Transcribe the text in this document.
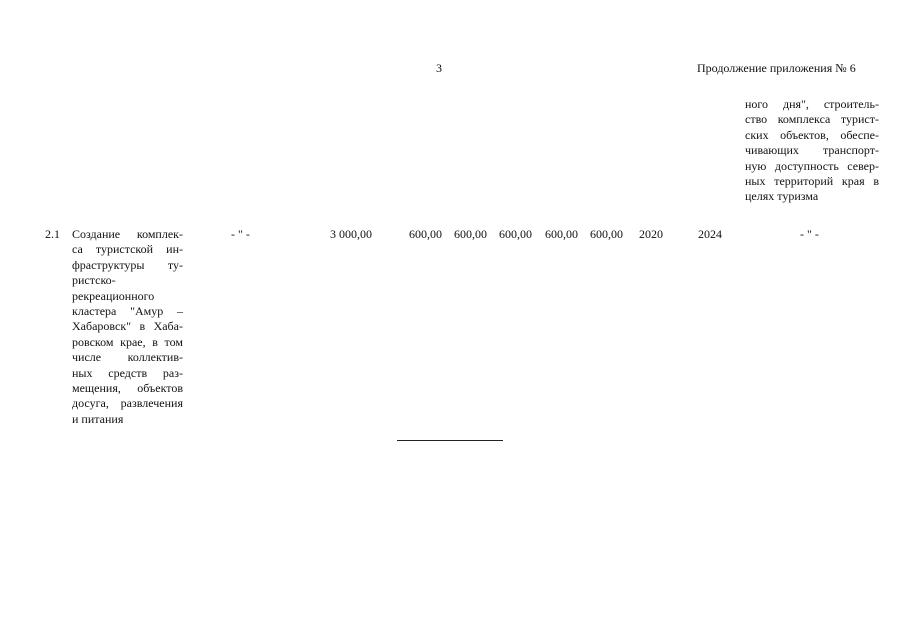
3	Продолжение приложения № 6
ного дня", строитель-
ство комплекса турист-
ских объектов, обеспе-
чивающих транспорт-
ную доступность север-
ных территорий края в
целях туризма
2.1 Создание комплек-
са туристской ин-
фраструктуры ту-
ристско-
рекреационного
кластера "Амур –
Хабаровск" в Хаба-
ровском крае, в том
числе коллектив-
ных средств раз-
мещения, объектов
досуга, развлечения
и питания
- " -	3 000,00	600,00	600,00	600,00	600,00	600,00 2020	2024	- " -
